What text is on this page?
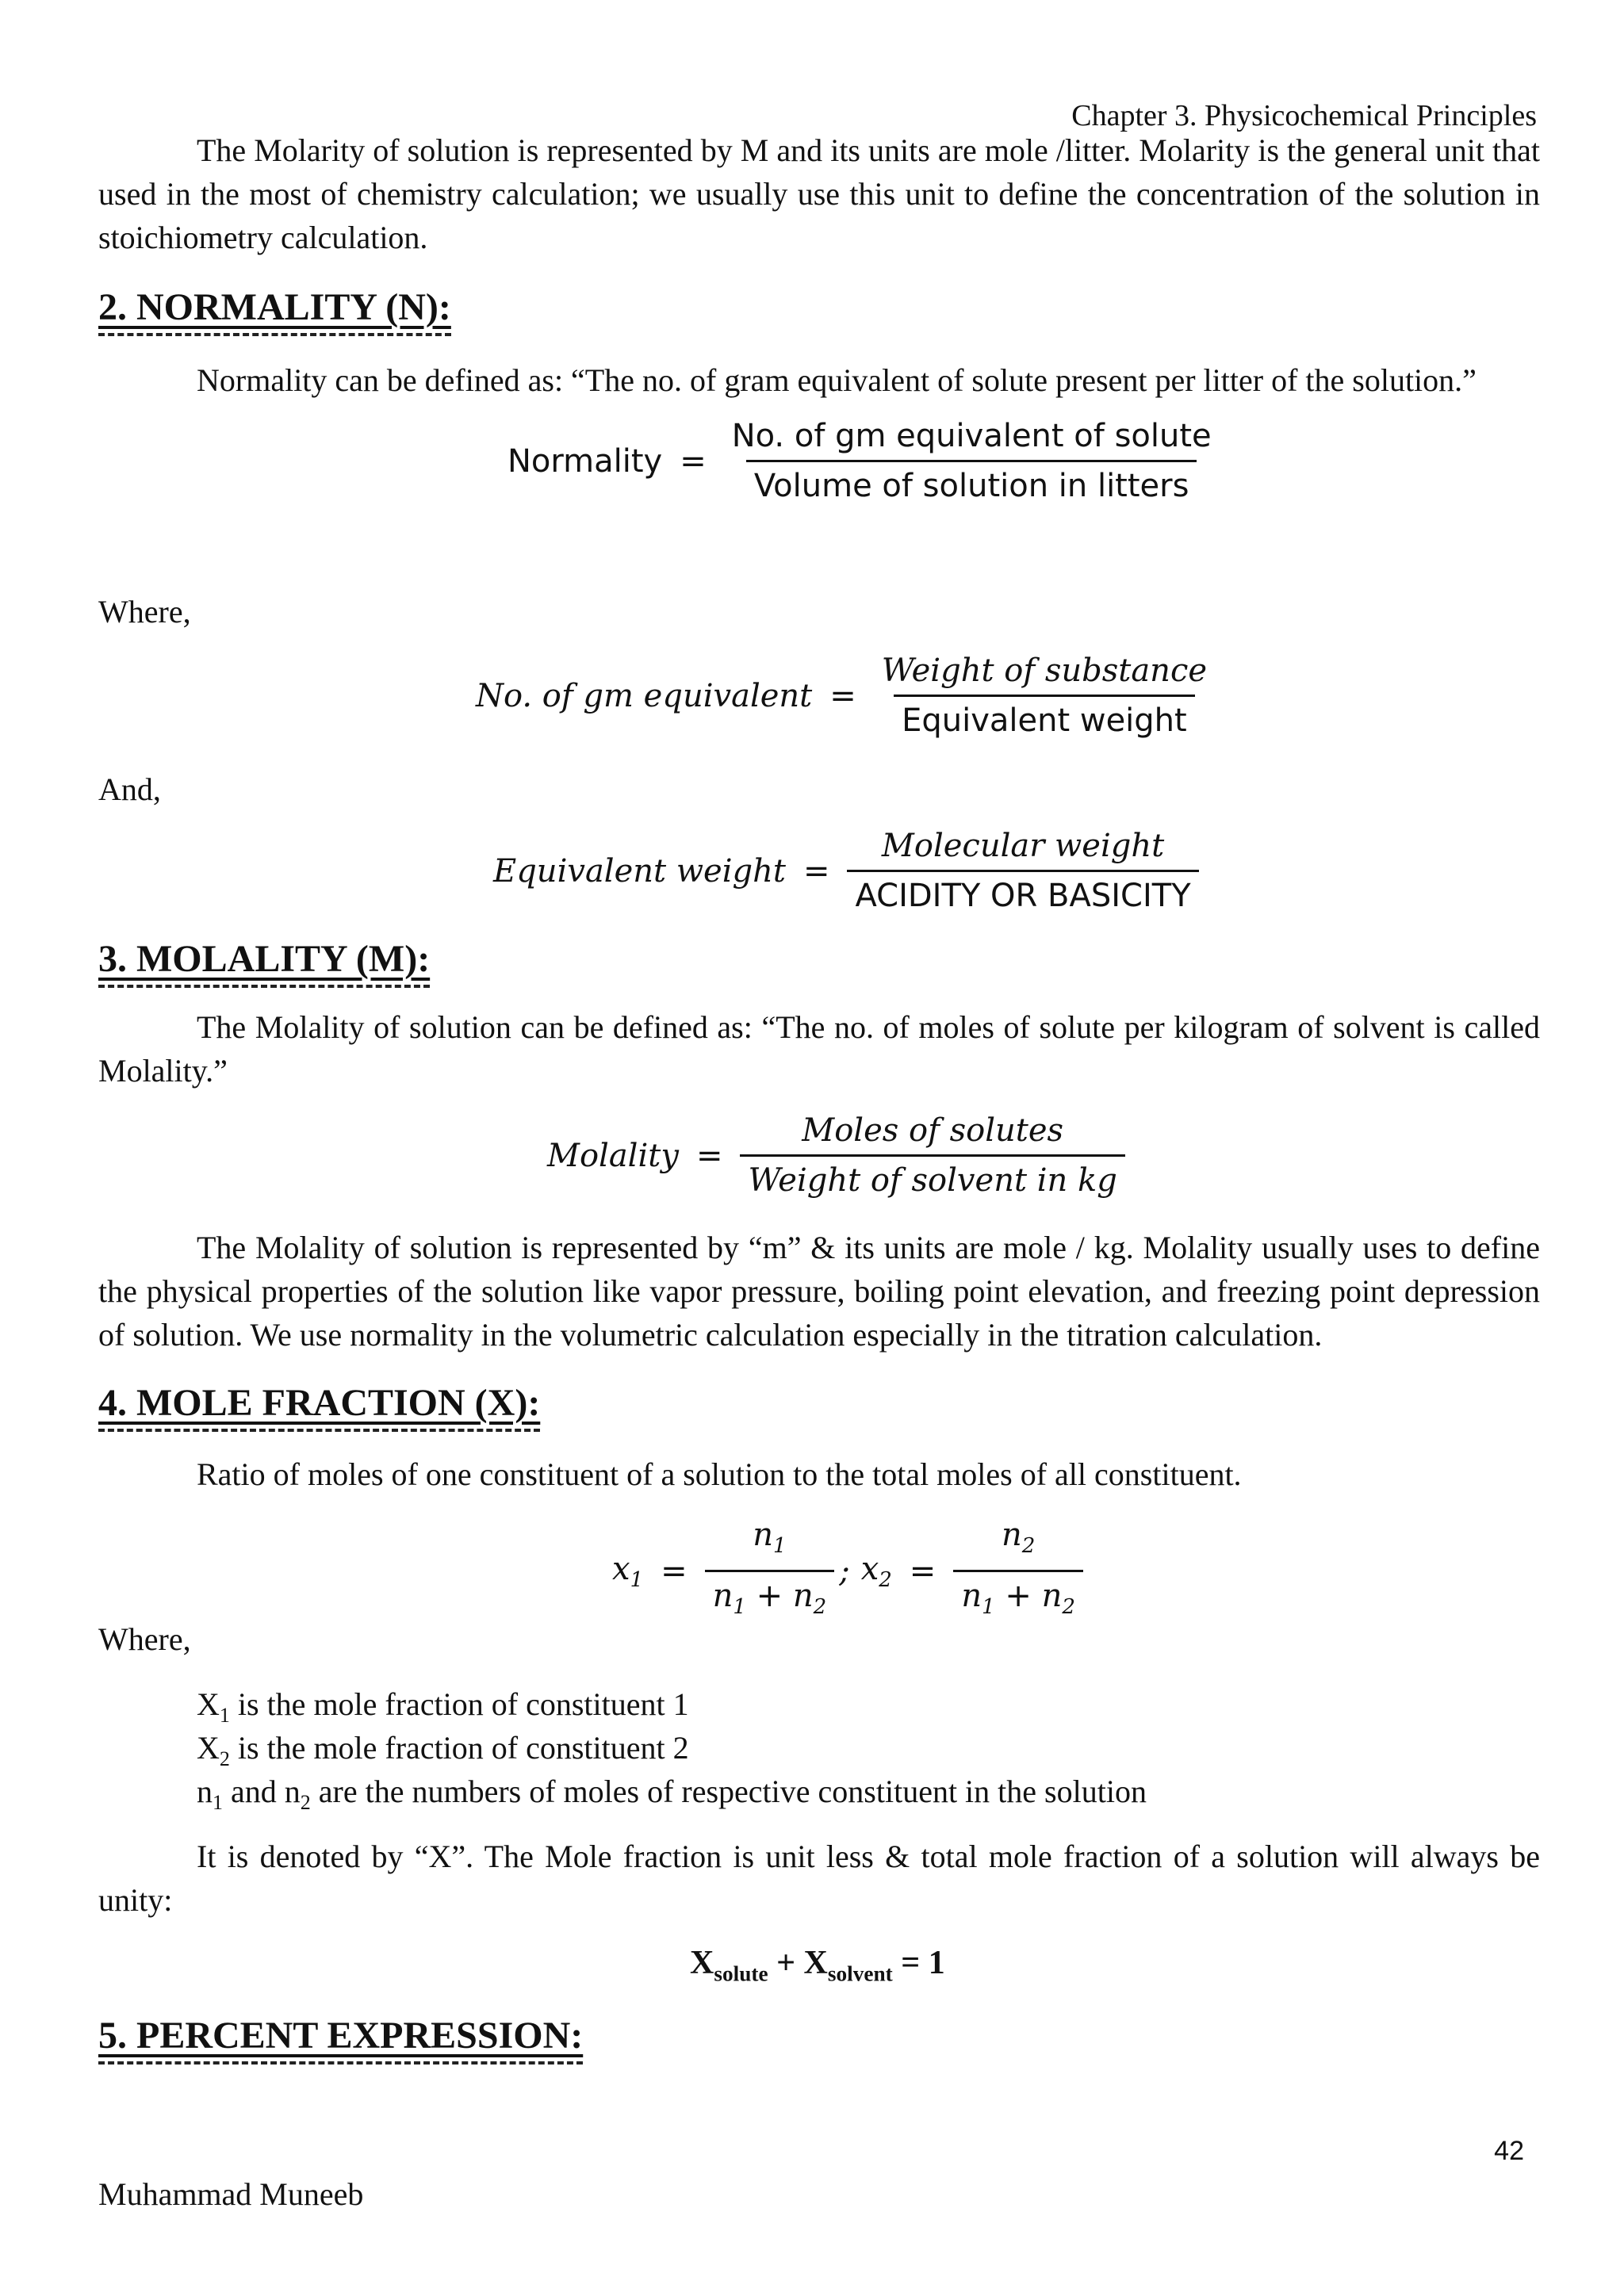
Chapter 3. Physicochemical Principles
The Molarity of solution is represented by M and its units are mole /litter. Molarity is the general unit that used in the most of chemistry calculation; we usually use this unit to define the concentration of the solution in stoichiometry calculation.
2. NORMALITY (N):
Normality can be defined as: “The no. of gram equivalent of solute present per litter of the solution.”
Normality = $\frac{\text{No. of gm equivalent of solute}}{\text{Volume of solution in litters}}$
Where,
No. of gm equivalent = $\frac{\text{Weight of substance}}{\text{Equivalent weight}}$
And,
Equivalent weight = $\frac{\text{Molecular weight}}{\text{ACIDITY OR BASICITY}}$
3. MOLALITY (M):
The Molality of solution can be defined as: “The no. of moles of solute per kilogram of solvent is called Molality.”
Molality = $\frac{\text{Moles of solutes}}{\text{Weight of solvent in kg}}$
The Molality of solution is represented by “m” & its units are mole / kg. Molality usually uses to define the physical properties of the solution like vapor pressure, boiling point elevation, and freezing point depression of solution. We use normality in the volumetric calculation especially in the titration calculation.
4. MOLE FRACTION (X):
Ratio of moles of one constituent of a solution to the total moles of all constituent.
$x_1 = \frac{n_1}{n_1 + n_2}$ ; $x_2 = \frac{n_2}{n_1 + n_2}$
Where,
$X_1$ is the mole fraction of constituent 1
$X_2$ is the mole fraction of constituent 2
$n_1$ and $n_2$ are the numbers of moles of respective constituent in the solution
It is denoted by “X”. The Mole fraction is unit less & total mole fraction of a solution will always be unity:
$X_{solute} + X_{solvent} = 1$
5. PERCENT EXPRESSION:
42
Muhammad Muneeb
